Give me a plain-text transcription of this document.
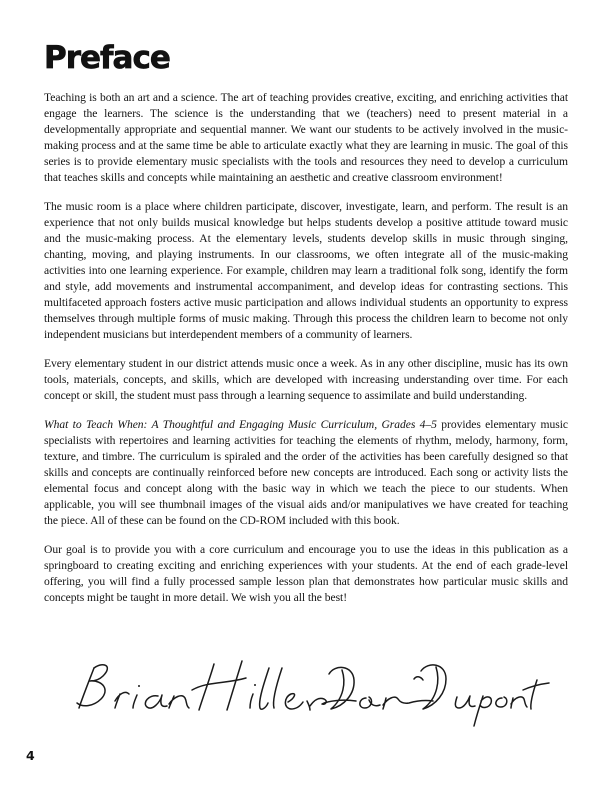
Preface

Teaching is both an art and a science. The art of teaching provides creative, exciting, and enriching activities that engage the learners. The science is the understanding that we (teachers) need to present material in a developmentally appropriate and sequential manner. We want our students to be actively involved in the music-making process and at the same time be able to articulate exactly what they are learning in music. The goal of this series is to provide elementary music specialists with the tools and resources they need to develop a curriculum that teaches skills and concepts while maintaining an aesthetic and creative classroom environment!

The music room is a place where children participate, discover, investigate, learn, and perform. The result is an experience that not only builds musical knowledge but helps students develop a positive attitude toward music and the music-making process. At the elementary levels, students develop skills in music through singing, chanting, moving, and playing instruments. In our classrooms, we often integrate all of the music-making activities into one learning experience. For example, children may learn a traditional folk song, identify the form and style, add movements and instrumental accompaniment, and develop ideas for contrasting sections. This multifaceted approach fosters active music participation and allows individual students an opportunity to express themselves through multiple forms of music making. Through this process the children learn to become not only independent musicians but interdependent members of a community of learners.

Every elementary student in our district attends music once a week. As in any other discipline, music has its own tools, materials, concepts, and skills, which are developed with increasing understanding over time. For each concept or skill, the student must pass through a learning sequence to assimilate and build understanding.

What to Teach When: A Thoughtful and Engaging Music Curriculum, Grades 4–5 provides elementary music specialists with repertoires and learning activities for teaching the elements of rhythm, melody, harmony, form, texture, and timbre. The curriculum is spiraled and the order of the activities has been carefully designed so that skills and concepts are continually reinforced before new concepts are introduced. Each song or activity lists the elemental focus and concept along with the basic way in which we teach the piece to our students. When applicable, you will see thumbnail images of the visual aids and/or manipulatives we have created for teaching the piece. All of these can be found on the CD-ROM included with this book.

Our goal is to provide you with a core curriculum and encourage you to use the ideas in this publication as a springboard to creating exciting and enriching experiences with your students. At the end of each grade-level offering, you will find a fully processed sample lesson plan that demonstrates how particular music skills and concepts might be taught in more detail. We wish you all the best!

4
